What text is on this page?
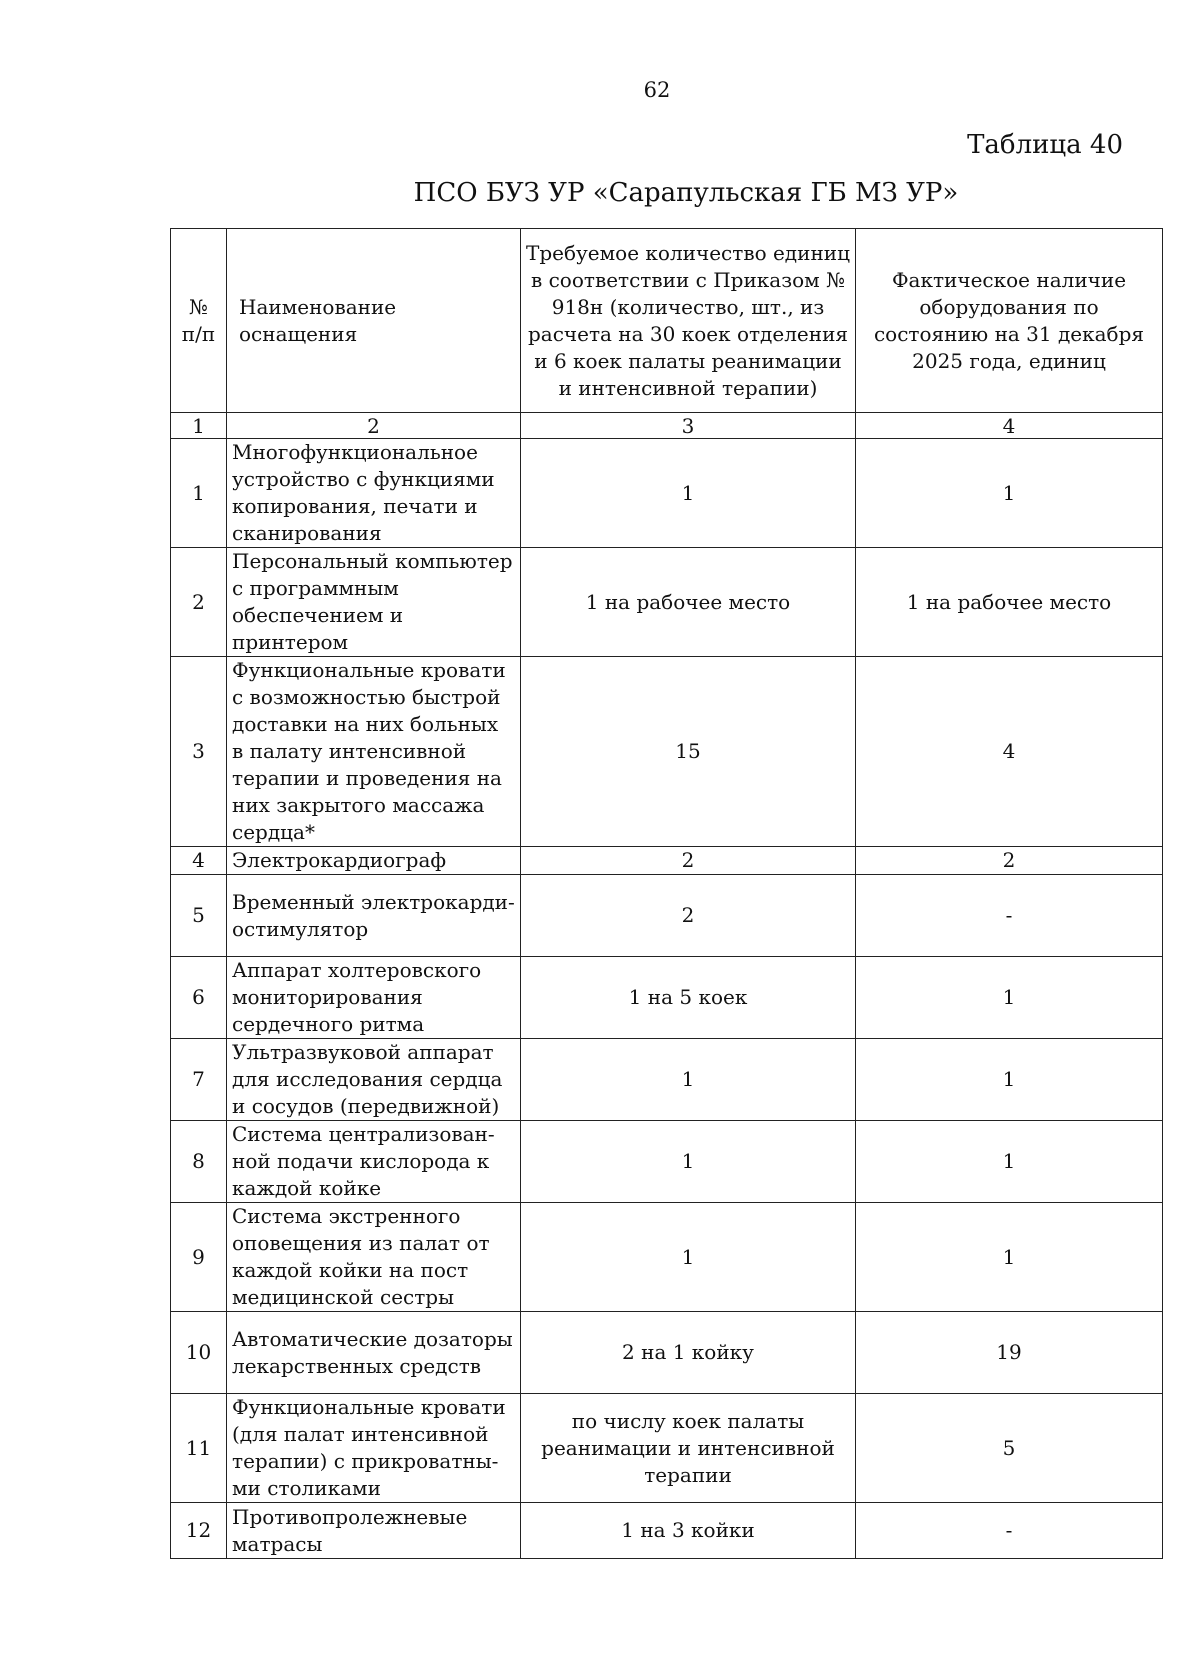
62
Таблица 40
ПСО БУЗ УР «Сарапульская ГБ МЗ УР»
№ п/п	Наименование оснащения	Требуемое количество единиц в соответствии с Приказом № 918н (количество, шт., из расчета на 30 коек отделения и 6 коек палаты реанимации и интенсивной терапии)	Фактическое наличие оборудования по состоянию на 31 декабря 2025 года, единиц
1	2	3	4
1	Многофункциональное устройство с функциями копирования, печати и сканирования	1	1
2	Персональный компьютер с программным обеспечением и принтером	1 на рабочее место	1 на рабочее место
3	Функциональные кровати с возможностью быстрой доставки на них больных в палату интенсивной терапии и проведения на них закрытого массажа сердца*	15	4
4	Электрокардиограф	2	2
5	Временный электрокарди-остимулятор	2	-
6	Аппарат холтеровского мониторирования сердечного ритма	1 на 5 коек	1
7	Ультразвуковой аппарат для исследования сердца и сосудов (передвижной)	1	1
8	Система централизован-ной подачи кислорода к каждой койке	1	1
9	Система экстренного оповещения из палат от каждой койки на пост медицинской сестры	1	1
10	Автоматические дозаторы лекарственных средств	2 на 1 койку	19
11	Функциональные кровати (для палат интенсивной терапии) с прикроватны-ми столиками	по числу коек палаты реанимации и интенсивной терапии	5
12	Противопролежневые матрасы	1 на 3 койки	-
